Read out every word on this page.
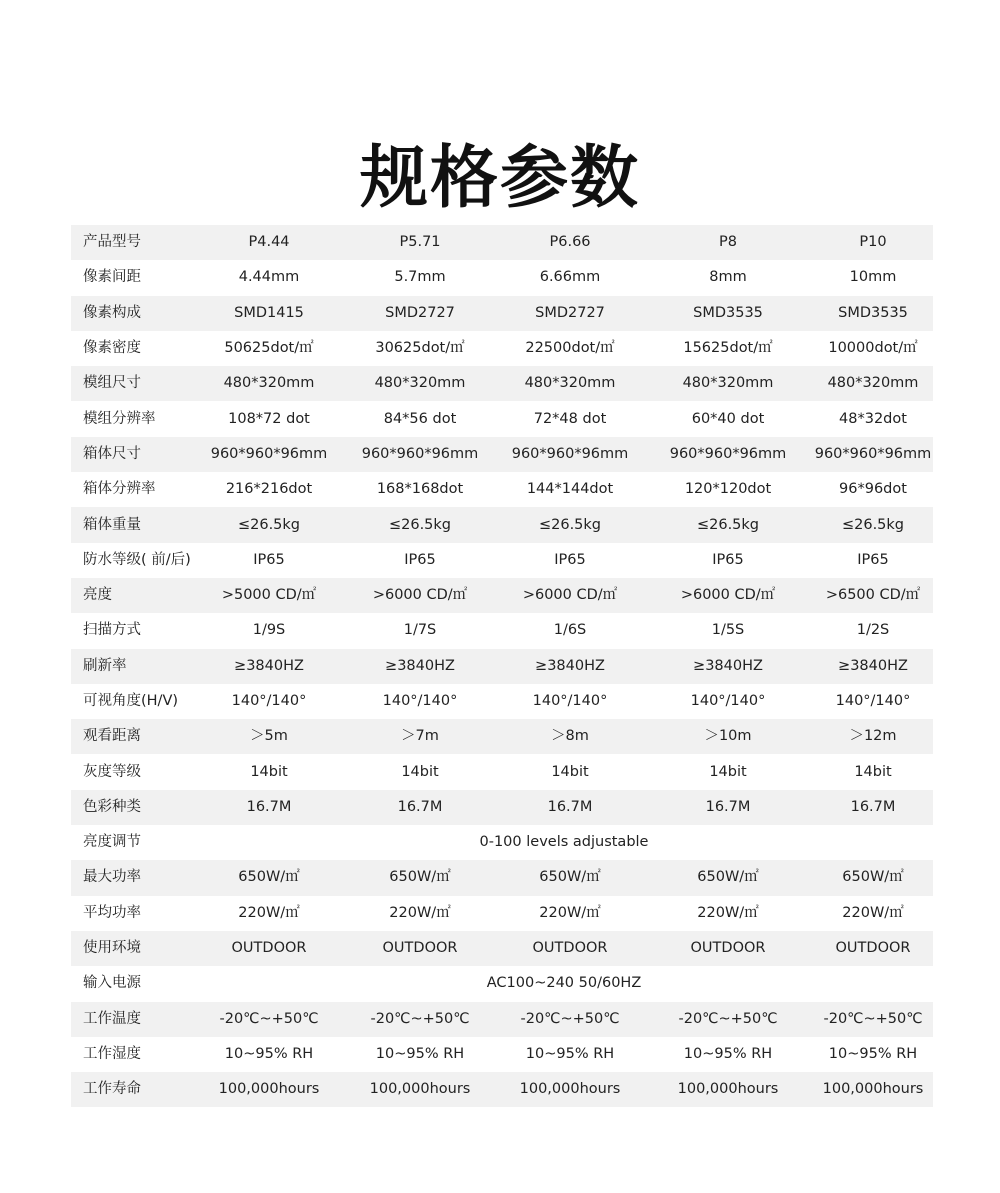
规格参数
产品型号	P4.44	P5.71	P6.66	P8	P10
像素间距	4.44mm	5.7mm	6.66mm	8mm	10mm
像素构成	SMD1415	SMD2727	SMD2727	SMD3535	SMD3535
像素密度	50625dot/㎡	30625dot/㎡	22500dot/㎡	15625dot/㎡	10000dot/㎡
模组尺寸	480*320mm	480*320mm	480*320mm	480*320mm	480*320mm
模组分辨率	108*72 dot	84*56 dot	72*48 dot	60*40 dot	48*32dot
箱体尺寸	960*960*96mm	960*960*96mm	960*960*96mm	960*960*96mm	960*960*96mm
箱体分辨率	216*216dot	168*168dot	144*144dot	120*120dot	96*96dot
箱体重量	≤26.5kg	≤26.5kg	≤26.5kg	≤26.5kg	≤26.5kg
防水等级( 前/后)	IP65	IP65	IP65	IP65	IP65
亮度	>5000 CD/㎡	>6000 CD/㎡	>6000 CD/㎡	>6000 CD/㎡	>6500 CD/㎡
扫描方式	1/9S	1/7S	1/6S	1/5S	1/2S
刷新率	≥3840HZ	≥3840HZ	≥3840HZ	≥3840HZ	≥3840HZ
可视角度(H/V)	140°/140°	140°/140°	140°/140°	140°/140°	140°/140°
观看距离	＞5m	＞7m	＞8m	＞10m	＞12m
灰度等级	14bit	14bit	14bit	14bit	14bit
色彩种类	16.7M	16.7M	16.7M	16.7M	16.7M
亮度调节	0-100 levels adjustable				
最大功率	650W/㎡	650W/㎡	650W/㎡	650W/㎡	650W/㎡
平均功率	220W/㎡	220W/㎡	220W/㎡	220W/㎡	220W/㎡
使用环境	OUTDOOR	OUTDOOR	OUTDOOR	OUTDOOR	OUTDOOR
输入电源	AC100~240 50/60HZ				
工作温度	-20℃~+50℃	-20℃~+50℃	-20℃~+50℃	-20℃~+50℃	-20℃~+50℃
工作湿度	10~95% RH	10~95% RH	10~95% RH	10~95% RH	10~95% RH
工作寿命	100,000hours	100,000hours	100,000hours	100,000hours	100,000hours
